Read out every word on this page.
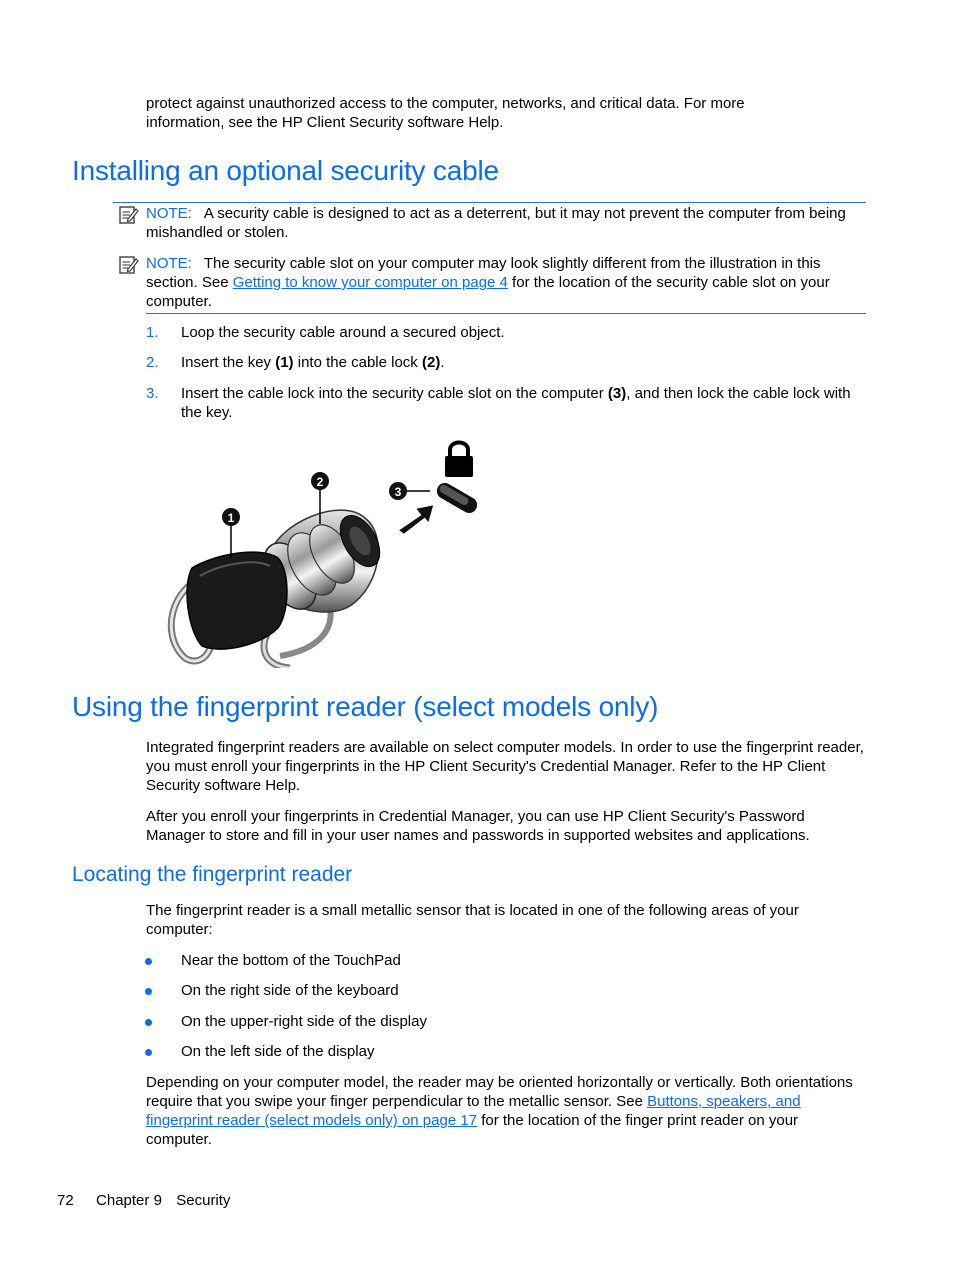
protect against unauthorized access to the computer, networks, and critical data. For more
information, see the HP Client Security software Help.
Installing an optional security cable
NOTE: A security cable is designed to act as a deterrent, but it may not prevent the computer from being mishandled or stolen.
NOTE: The security cable slot on your computer may look slightly different from the illustration in this section. See Getting to know your computer on page 4 for the location of the security cable slot on your computer.
1. Loop the security cable around a secured object.
2. Insert the key (1) into the cable lock (2).
3. Insert the cable lock into the security cable slot on the computer (3), and then lock the cable lock with the key.
1
2
3
Using the fingerprint reader (select models only)
Integrated fingerprint readers are available on select computer models. In order to use the fingerprint reader, you must enroll your fingerprints in the HP Client Security's Credential Manager. Refer to the HP Client Security software Help.
After you enroll your fingerprints in Credential Manager, you can use HP Client Security's Password Manager to store and fill in your user names and passwords in supported websites and applications.
Locating the fingerprint reader
The fingerprint reader is a small metallic sensor that is located in one of the following areas of your computer:
Near the bottom of the TouchPad
On the right side of the keyboard
On the upper-right side of the display
On the left side of the display
Depending on your computer model, the reader may be oriented horizontally or vertically. Both orientations require that you swipe your finger perpendicular to the metallic sensor. See Buttons, speakers, and fingerprint reader (select models only) on page 17 for the location of the finger print reader on your computer.
72 Chapter 9 Security
